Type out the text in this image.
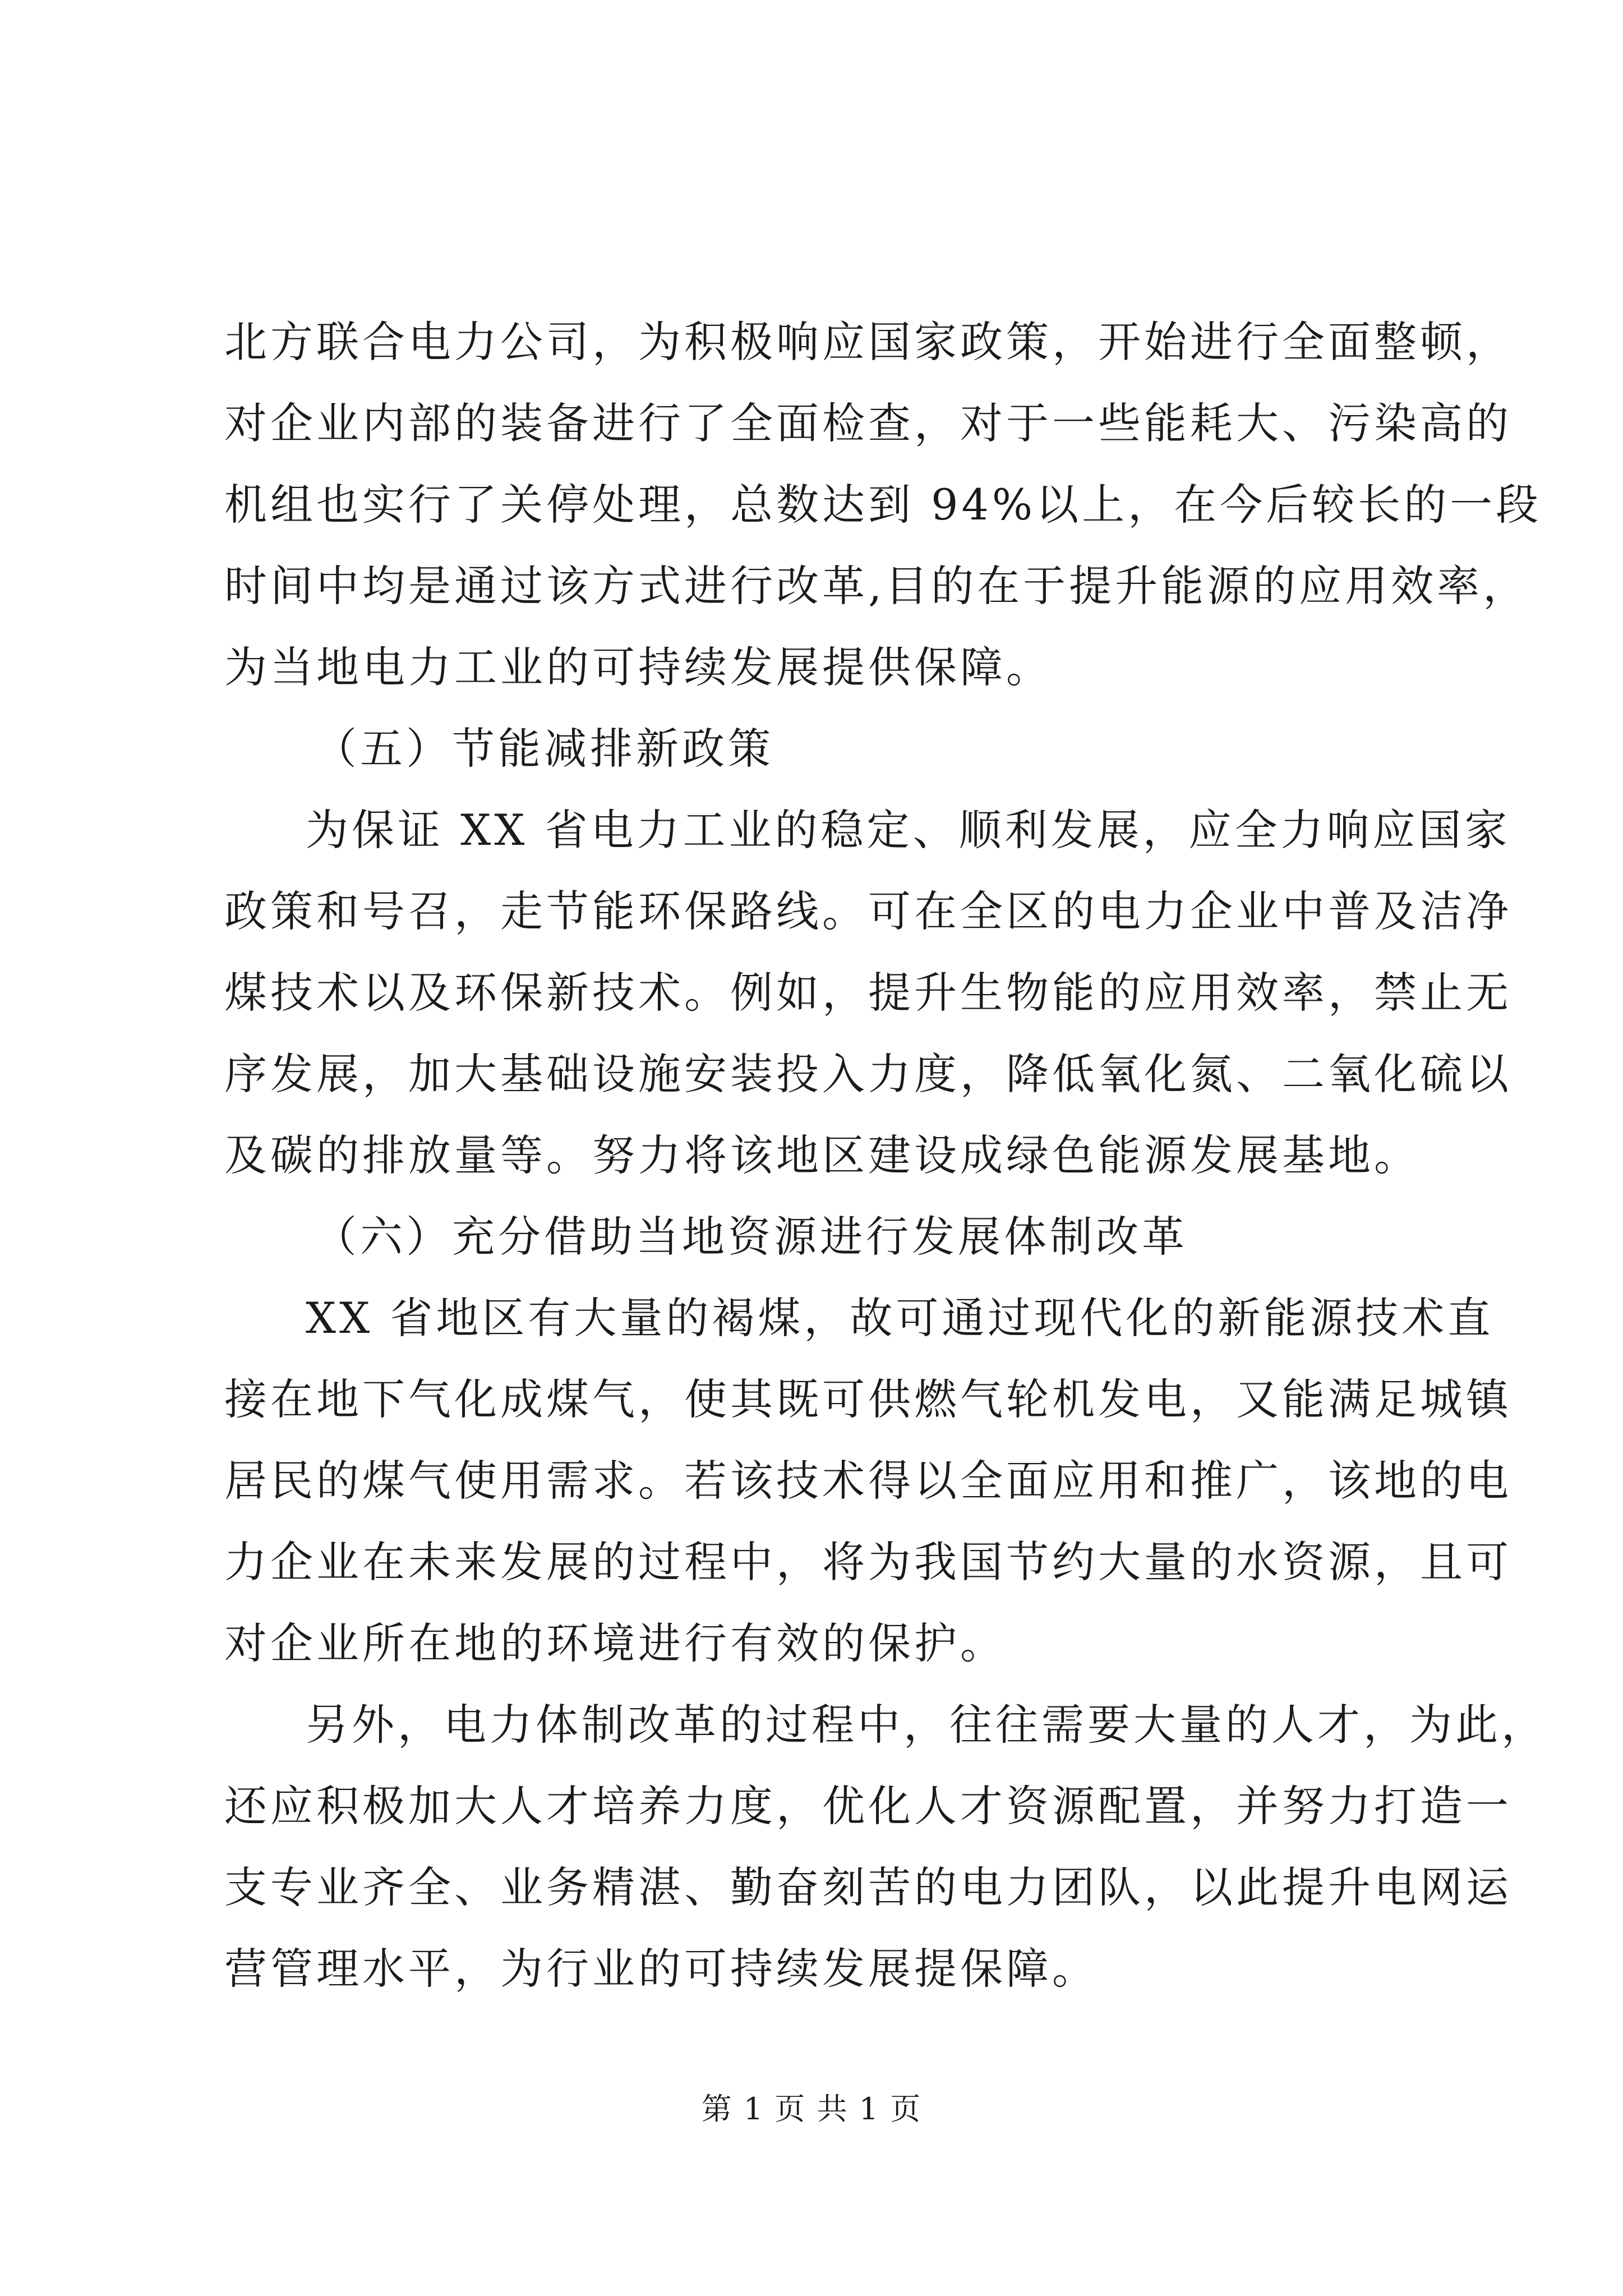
北方联合电力公司，为积极响应国家政策，开始进行全面整顿，
对企业内部的装备进行了全面检查，对于一些能耗大、污染高的
机组也实行了关停处理，总数达到 94%以上，在今后较长的一段
时间中均是通过该方式进行改革,目的在于提升能源的应用效率，
为当地电力工业的可持续发展提供保障。
（五）节能减排新政策
为保证 XX 省电力工业的稳定、顺利发展，应全力响应国家
政策和号召，走节能环保路线。可在全区的电力企业中普及洁净
煤技术以及环保新技术。例如，提升生物能的应用效率，禁止无
序发展，加大基础设施安装投入力度，降低氧化氮、二氧化硫以
及碳的排放量等。努力将该地区建设成绿色能源发展基地。
（六）充分借助当地资源进行发展体制改革
XX 省地区有大量的褐煤，故可通过现代化的新能源技术直
接在地下气化成煤气，使其既可供燃气轮机发电，又能满足城镇
居民的煤气使用需求。若该技术得以全面应用和推广，该地的电
力企业在未来发展的过程中，将为我国节约大量的水资源，且可
对企业所在地的环境进行有效的保护。
另外，电力体制改革的过程中，往往需要大量的人才，为此，
还应积极加大人才培养力度，优化人才资源配置，并努力打造一
支专业齐全、业务精湛、勤奋刻苦的电力团队，以此提升电网运
营管理水平，为行业的可持续发展提保障。
第 1 页 共 1 页
